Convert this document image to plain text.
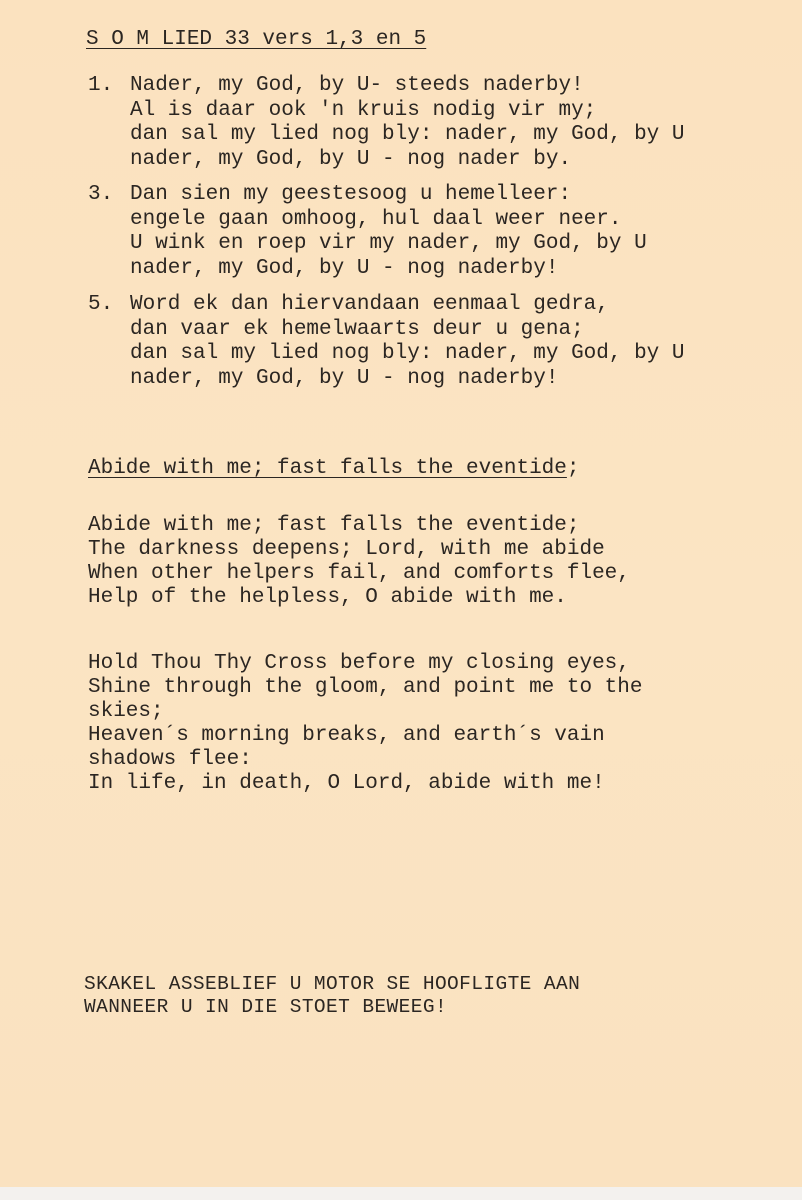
S O M LIED 33 vers 1,3 en 5
1. Nader, my God, by U- steeds naderby!
Al is daar ook 'n kruis nodig vir my;
dan sal my lied nog bly: nader, my God, by U
nader, my God, by U - nog nader by.
3. Dan sien my geestesoog u hemelleer:
engele gaan omhoog, hul daal weer neer.
U wink en roep vir my nader, my God, by U
nader, my God, by U - nog naderby!
5. Word ek dan hiervandaan eenmaal gedra,
dan vaar ek hemelwaarts deur u gena;
dan sal my lied nog bly: nader, my God, by U
nader, my God, by U - nog naderby!
Abide with me; fast falls the eventide;
Abide with me; fast falls the eventide;
The darkness deepens; Lord, with me abide
When other helpers fail, and comforts flee,
Help of the helpless, O abide with me.
Hold Thou Thy Cross before my closing eyes,
Shine through the gloom, and point me to the
skies;
Heaven´s morning breaks, and earth´s vain
shadows flee:
In life, in death, O Lord, abide with me!
SKAKEL ASSEBLIEF U MOTOR SE HOOFLIGTE AAN
WANNEER U IN DIE STOET BEWEEG!
